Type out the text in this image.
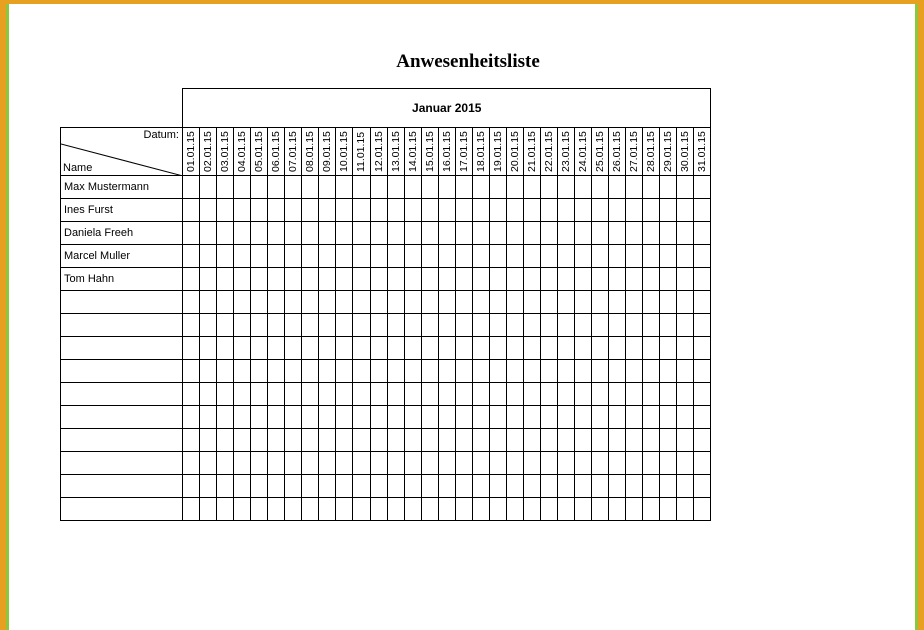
Anwesenheitsliste
	Januar 2015																														

Datum:
Name	01.01.15	02.01.15	03.01.15	04.01.15	05.01.15	06.01.15	07.01.15	08.01.15	09.01.15	10.01.15	11.01.15	12.01.15	13.01.15	14.01.15	15.01.15	16.01.15	17.01.15	18.01.15	19.01.15	20.01.15	21.01.15	22.01.15	23.01.15	24.01.15	25.01.15	26.01.15	27.01.15	28.01.15	29.01.15	30.01.15	31.01.15

Max Mustermann																															
Ines Furst																															
Daniela Freeh																															
Marcel Muller																															
Tom Hahn																															
